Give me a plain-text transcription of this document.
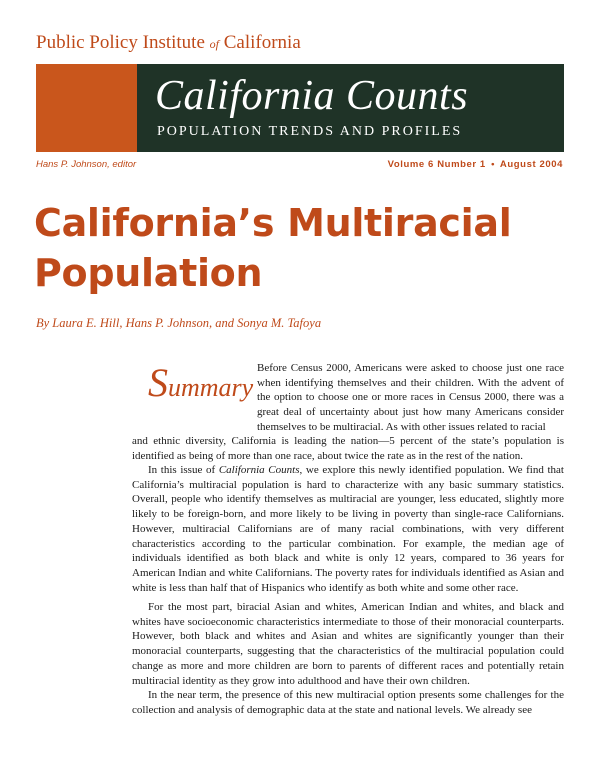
Public Policy Institute of California
California Counts
POPULATION TRENDS AND PROFILES
Hans P. Johnson, editor	Volume 6 Number 1 • August 2004
California’s Multiracial Population
By Laura E. Hill, Hans P. Johnson, and Sonya M. Tafoya
Summary

Before Census 2000, Americans were asked to choose just one race when identifying themselves and their children. With the advent of the option to choose one or more races in Census 2000, there was a great deal of uncertainty about just how many Americans consider themselves to be multiracial. As with other issues related to racial

and ethnic diversity, California is leading the nation—5 percent of the state’s population is identified as being of more than one race, about twice the rate as in the rest of the nation.

In this issue of California Counts, we explore this newly identified population. We find that California’s multiracial population is hard to characterize with any basic summary statistics. Overall, people who identify themselves as multiracial are younger, less educated, slightly more likely to be foreign-born, and more likely to be living in poverty than single-race Californians. However, multiracial Californians are of many racial combinations, with very different characteristics according to the particular combination. For example, the median age of individuals identified as both black and white is only 12 years, compared to 36 years for American Indian and white Californians. The poverty rates for individuals identified as Asian and white is less than half that of Hispanics who identify as both white and some other race.

For the most part, biracial Asian and whites, American Indian and whites, and black and whites have socioeconomic characteristics intermediate to those of their monoracial counterparts. However, both black and whites and Asian and whites are significantly younger than their monoracial counterparts, suggesting that the characteristics of the multiracial population could change as more and more children are born to parents of different races and potentially retain multiracial identity as they grow into adulthood and have their own children.

In the near term, the presence of this new multiracial option presents some challenges for the collection and analysis of demographic data at the state and national levels. We already see
